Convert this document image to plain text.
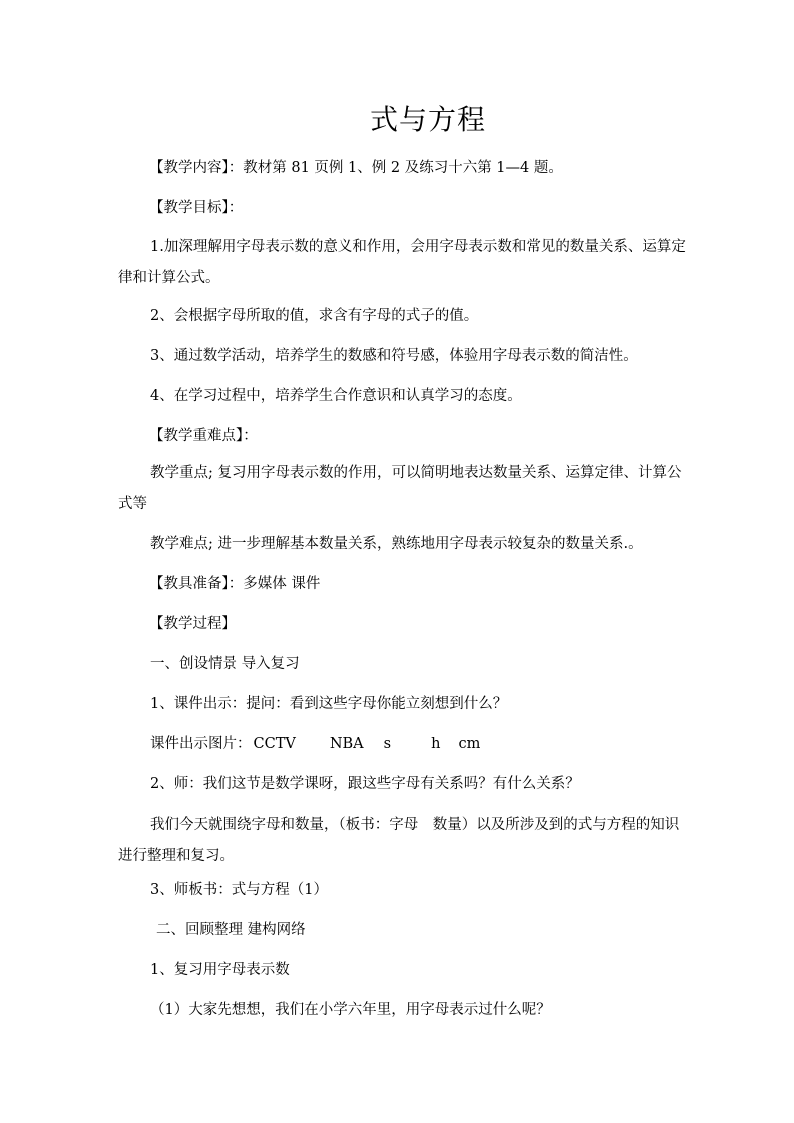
式与方程
【教学内容】：教材第 81 页例 1、例 2 及练习十六第 1—4 题。
【教学目标】：
1.加深理解用字母表示数的意义和作用，会用字母表示数和常见的数量关系、运算定律和计算公式。
2、会根据字母所取的值，求含有字母的式子的值。
3、通过数学活动，培养学生的数感和符号感，体验用字母表示数的简洁性。
4、在学习过程中，培养学生合作意识和认真学习的态度。
【教学重难点】：
教学重点; 复习用字母表示数的作用，可以简明地表达数量关系、运算定律、计算公式等
教学难点; 进一步理解基本数量关系，熟练地用字母表示较复杂的数量关系.。
【教具准备】：多媒体 课件
【教学过程】
一、创设情景 导入复习
1、课件出示：提问：看到这些字母你能立刻想到什么？
课件出示图片： CCTV NBA s	h cm
2、师：我们这节是数学课呀，跟这些字母有关系吗？有什么关系？
我们今天就围绕字母和数量，（板书：字母　数量）以及所涉及到的式与方程的知识进行整理和复习。
3、师板书：式与方程（1）
二、回顾整理 建构网络
1、复习用字母表示数
（1）大家先想想，我们在小学六年里，用字母表示过什么呢？
